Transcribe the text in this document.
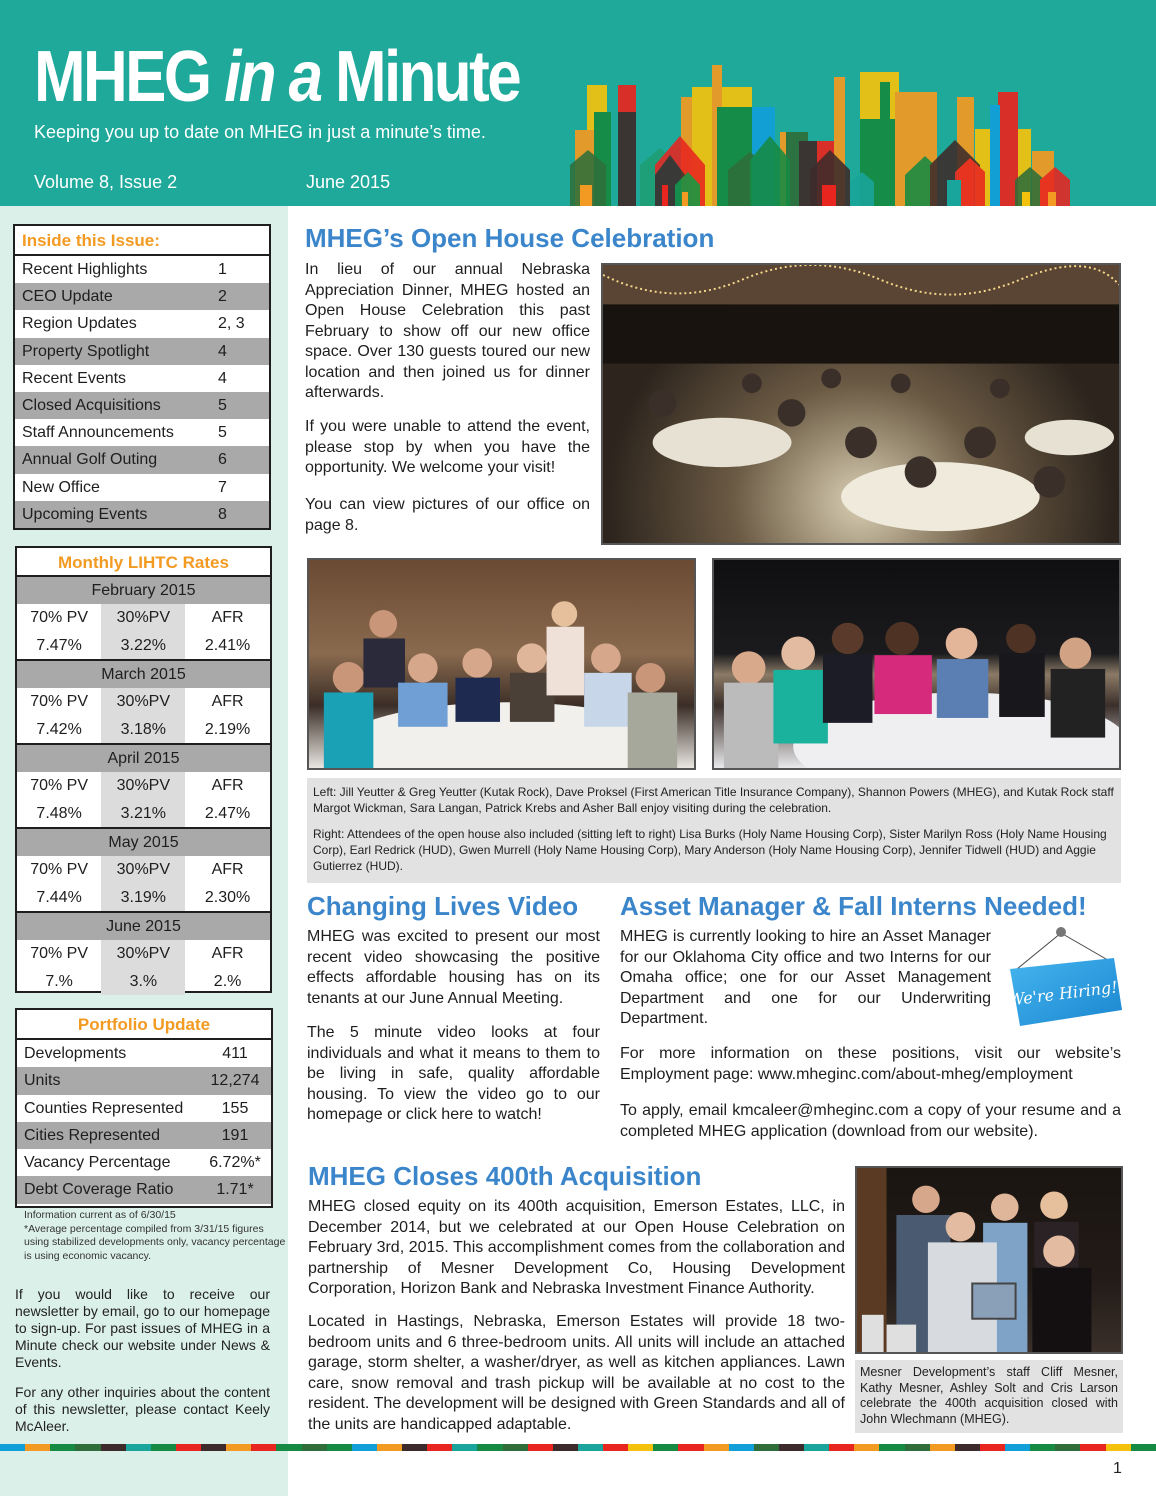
MHEG in a Minute
Keeping you up to date on MHEG in just a minute’s time.
Volume 8, Issue 2	June 2015
Inside this Issue:
Recent Highlights	1
CEO Update	2
Region Updates	2, 3
Property Spotlight	4
Recent Events	4
Closed Acquisitions	5
Staff Announcements	5
Annual Golf Outing	6
New Office	7
Upcoming Events	8
Monthly LIHTC Rates
February 2015
70% PV	30%PV	AFR
7.47%	3.22%	2.41%
March 2015
70% PV	30%PV	AFR
7.42%	3.18%	2.19%
April 2015
70% PV	30%PV	AFR
7.48%	3.21%	2.47%
May 2015
70% PV	30%PV	AFR
7.44%	3.19%	2.30%
June 2015
70% PV	30%PV	AFR
7.%	3.%	2.%
Portfolio Update
Developments	411
Units	12,274
Counties Represented	155
Cities Represented	191
Vacancy Percentage	6.72%*
Debt Coverage Ratio	1.71*
Information current as of 6/30/15
*Average percentage compiled from 3/31/15 figures using stabilized developments only, vacancy percentage is using economic vacancy.
If you would like to receive our newsletter by email, go to our homepage to sign-up. For past issues of MHEG in a Minute check our website under News & Events.
For any other inquiries about the content of this newsletter, please contact Keely McAleer.
MHEG’s Open House Celebration
In lieu of our annual Nebraska Appreciation Dinner, MHEG hosted an Open House Celebration this past February to show off our new office space. Over 130 guests toured our new location and then joined us for dinner afterwards.
If you were unable to attend the event, please stop by when you have the opportunity. We welcome your visit!
You can view pictures of our office on page 8.
Left: Jill Yeutter & Greg Yeutter (Kutak Rock), Dave Proksel (First American Title Insurance Company), Shannon Powers (MHEG), and Kutak Rock staff Margot Wickman, Sara Langan, Patrick Krebs and Asher Ball enjoy visiting during the celebration.
Right: Attendees of the open house also included (sitting left to right) Lisa Burks (Holy Name Housing Corp), Sister Marilyn Ross (Holy Name Housing Corp), Earl Redrick (HUD), Gwen Murrell (Holy Name Housing Corp), Mary Anderson (Holy Name Housing Corp), Jennifer Tidwell (HUD) and Aggie Gutierrez (HUD).
Changing Lives Video
MHEG was excited to present our most recent video showcasing the positive effects affordable housing has on its tenants at our June Annual Meeting.
The 5 minute video looks at four individuals and what it means to them to be living in safe, quality affordable housing. To view the video go to our homepage or click here to watch!
Asset Manager & Fall Interns Needed!
MHEG is currently looking to hire an Asset Manager for our Oklahoma City office and two Interns for our Omaha office; one for our Asset Management Department and one for our Underwriting Department.
For more information on these positions, visit our website’s Employment page: www.mheginc.com/about-mheg/employment
To apply, email kmcaleer@mheginc.com a copy of your resume and a completed MHEG application (download from our website).
We're Hiring!
MHEG Closes 400th Acquisition
MHEG closed equity on its 400th acquisition, Emerson Estates, LLC, in December 2014, but we celebrated at our Open House Celebration on February 3rd, 2015. This accomplishment comes from the collaboration and partnership of Mesner Development Co, Housing Development Corporation, Horizon Bank and Nebraska Investment Finance Authority.
Located in Hastings, Nebraska, Emerson Estates will provide 18 two-bedroom units and 6 three-bedroom units. All units will include an attached garage, storm shelter, a washer/dryer, as well as kitchen appliances. Lawn care, snow removal and trash pickup will be available at no cost to the resident. The development will be designed with Green Standards and all of the units are handicapped adaptable.
Mesner Development’s staff Cliff Mesner, Kathy Mesner, Ashley Solt and Cris Larson celebrate the 400th acquisition closed with John Wlechmann (MHEG).
1
